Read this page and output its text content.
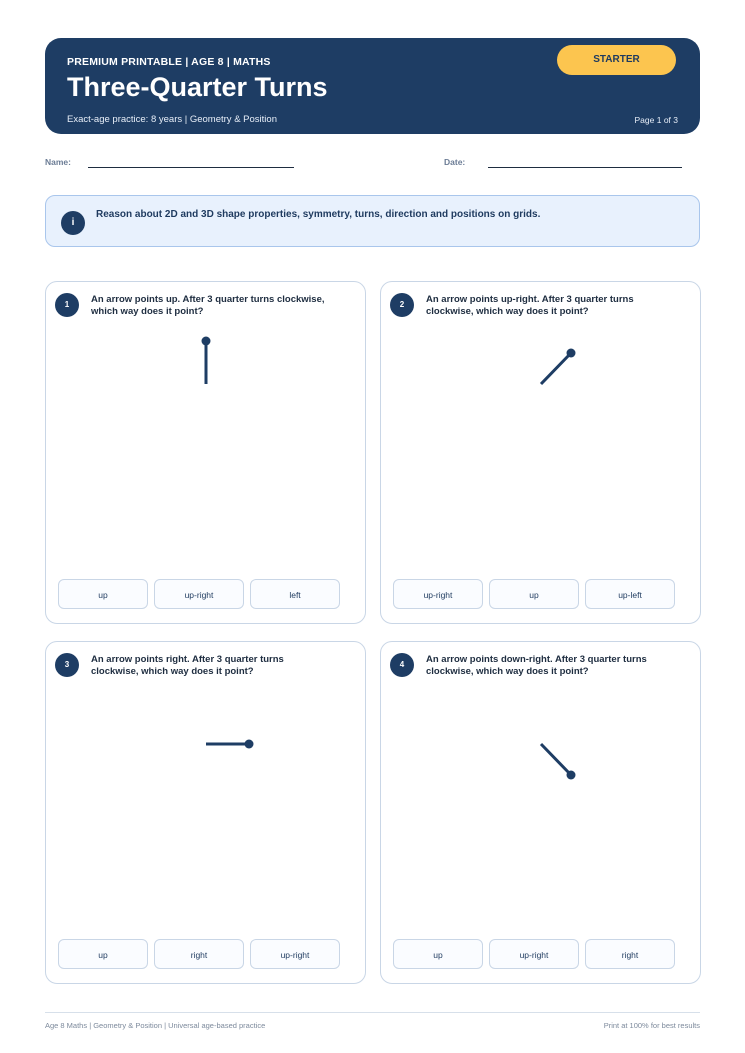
PREMIUM PRINTABLE | AGE 8 | MATHS
Three-Quarter Turns
Exact-age practice: 8 years | Geometry & Position	Page 1 of 3
STARTER
Name:	Date:
i
Reason about 2D and 3D shape properties, symmetry, turns, direction and positions on grids.
1	An arrow points up. After 3 quarter turns clockwise, which way does it point?
up	up-right	left
2	An arrow points up-right. After 3 quarter turns clockwise, which way does it point?
up-right	up	up-left
3	An arrow points right. After 3 quarter turns clockwise, which way does it point?
up	right	up-right
4	An arrow points down-right. After 3 quarter turns clockwise, which way does it point?
up	up-right	right
Age 8 Maths | Geometry & Position | Universal age-based practice	Print at 100% for best results
